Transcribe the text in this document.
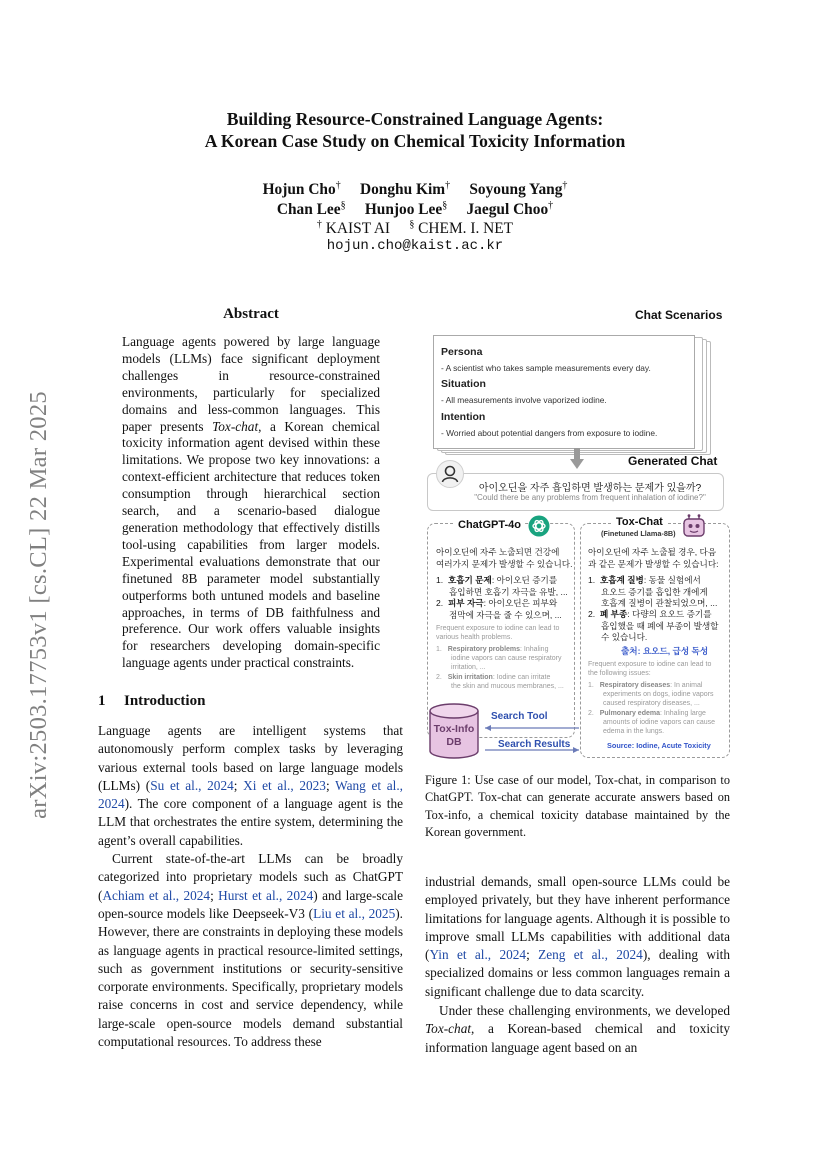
arXiv:2503.17753v1 [cs.CL] 22 Mar 2025
Building Resource-Constrained Language Agents:
A Korean Case Study on Chemical Toxicity Information
Hojun Cho† Donghu Kim† Soyoung Yang†
Chan Lee§ Hunjoo Lee§ Jaegul Choo†
† KAIST AI § CHEM. I. NET
hojun.cho@kaist.ac.kr
Abstract
Language agents powered by large language models (LLMs) face significant deployment challenges in resource-constrained environments, particularly for specialized domains and less-common languages. This paper presents Tox-chat, a Korean chemical toxicity information agent devised within these limitations. We propose two key innovations: a context-efficient architecture that reduces token consumption through hierarchical section search, and a scenario-based dialogue generation methodology that effectively distills tool-using capabilities from larger models. Experimental evaluations demonstrate that our finetuned 8B parameter model substantially outperforms both untuned models and baseline approaches, in terms of DB faithfulness and preference. Our work offers valuable insights for researchers developing domain-specific language agents under practical constraints.
1 Introduction

Language agents are intelligent systems that autonomously perform complex tasks by leveraging various external tools based on large language models (LLMs) (Su et al., 2024; Xi et al., 2023; Wang et al., 2024). The core component of a language agent is the LLM that orchestrates the entire system, determining the agent’s overall capabilities.

Current state-of-the-art LLMs can be broadly categorized into proprietary models such as ChatGPT (Achiam et al., 2024; Hurst et al., 2024) and large-scale open-source models like Deepseek-V3 (Liu et al., 2025). However, there are constraints in deploying these models as language agents in practical resource-limited settings, such as government institutions or security-sensitive corporate environments. Specifically, proprietary models raise concerns in cost and service dependency, while large-scale open-source models demand substantial computational resources. To address these

industrial demands, small open-source LLMs could be employed privately, but they have inherent performance limitations for language agents. Although it is possible to improve small LLMs capabilities with additional data (Yin et al., 2024; Zeng et al., 2024), dealing with specialized domains or less common languages remain a significant challenge due to data scarcity.

Under these challenging environments, we developed Tox-chat, a Korean-based chemical and toxicity information language agent based on an

Chat Scenarios
Persona
- A scientist who takes sample measurements every day.
Situation
- All measurements involve vaporized iodine.
Intention
- Worried about potential dangers from exposure to iodine.
Generated Chat
아이오딘을 자주 흡입하면 발생하는 문제가 있을까?
"Could there be any problems from frequent inhalation of iodine?"
ChatGPT-4o
아이오딘에 자주 노출되면 건강에
여러가지 문제가 발생할 수 있습니다.
1.  호흡기 문제: 아이오딘 증기를
흡입하면 호흡기 자극을 유발, ...
2.  피부 자극: 아이오딘은 피부와
점막에 자극을 줄 수 있으며, ...
Frequent exposure to iodine can lead to
various health problems.
1.   Respiratory problems: Inhaling
iodine vapors can cause respiratory
irritation, ...
2.   Skin irritation: Iodine can irritate
the skin and mucous membranes, ...
Tox-Chat
(Finetuned Llama-8B)
아이오딘에 자주 노출될 경우, 다음
과 같은 문제가 발생할 수 있습니다:
1.  호흡계 질병: 동물 실험에서
요오드 증기를 흡입한 개에게
호흡계 질병이 관찰되었으며, ...
2.  폐 부종: 다량의 요오드 증기를
흡입했을 때 폐에 부종이 발생할
수 있습니다.
출처: 요오드, 급성 독성
Frequent exposure to iodine can lead to
the following issues:
1.   Respiratory diseases: In animal
experiments on dogs, iodine vapors
caused respiratory diseases, ...
2.   Pulmonary edema: Inhaling large
amounts of iodine vapors can cause
edema in the lungs.
Source: Iodine, Acute Toxicity
Tox-Info
DB
Search Tool
Search Results
Figure 1: Use case of our model, Tox-chat, in comparison to ChatGPT. Tox-chat can generate accurate answers based on Tox-info, a chemical toxicity database maintained by the Korean government.
